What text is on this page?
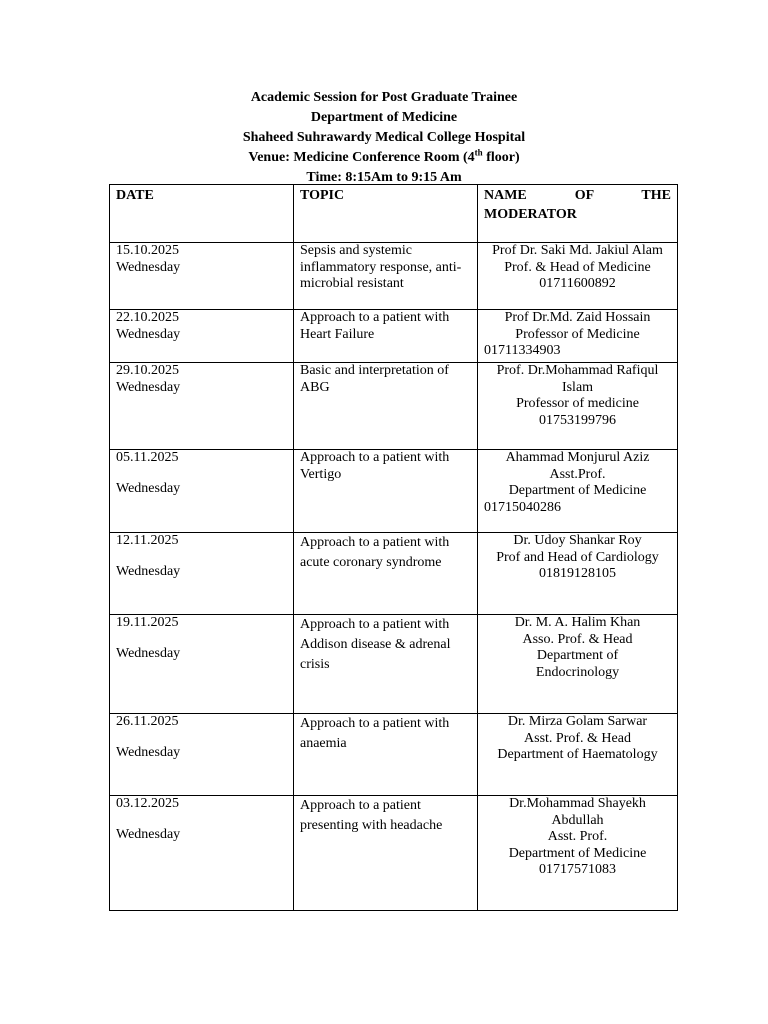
Academic Session for Post Graduate Trainee
Department of Medicine
Shaheed Suhrawardy Medical College Hospital
Venue: Medicine Conference Room (4th floor)
Time: 8:15Am to 9:15 Am
DATE	TOPIC	NAME OF THE
MODERATOR

15.10.2025
Wednesday	Sepsis and systemic inflammatory response, anti-microbial resistant	Prof Dr. Saki Md. Jakiul Alam
Prof. & Head of Medicine
01711600892

22.10.2025
Wednesday	Approach to a patient with Heart Failure	Prof Dr.Md. Zaid Hossain
Professor of Medicine
01711334903

29.10.2025
Wednesday	Basic and interpretation of ABG	Prof. Dr.Mohammad Rafiqul Islam
Professor of medicine
01753199796

05.11.2025
Wednesday	Approach to a patient with Vertigo	Ahammad Monjurul Aziz
Asst.Prof.
Department of Medicine
01715040286

12.11.2025
Wednesday	Approach to a patient with acute coronary syndrome	Dr. Udoy Shankar Roy
Prof and Head of Cardiology
01819128105

19.11.2025
Wednesday	Approach to a patient with Addison disease & adrenal crisis	Dr. M. A. Halim Khan
Asso. Prof. & Head
Department of
Endocrinology

26.11.2025
Wednesday	Approach to a patient with anaemia	Dr. Mirza Golam Sarwar
Asst. Prof. & Head
Department of Haematology

03.12.2025
Wednesday	Approach to a patient presenting with headache	Dr.Mohammad Shayekh Abdullah
Asst. Prof.
Department of Medicine
01717571083
